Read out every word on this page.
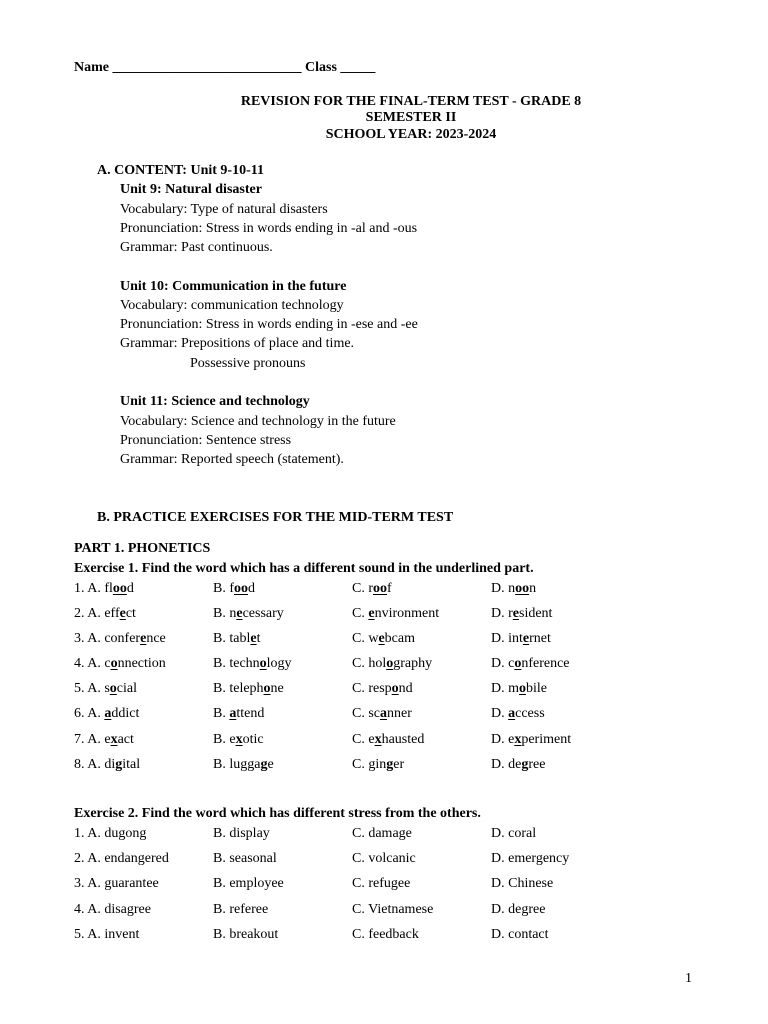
Name ___________________________ Class _____
REVISION FOR THE FINAL-TERM TEST - GRADE 8
SEMESTER II
SCHOOL YEAR: 2023-2024
A. CONTENT: Unit 9-10-11
Unit 9: Natural disaster
Vocabulary: Type of natural disasters
Pronunciation: Stress in words ending in -al and -ous
Grammar: Past continuous.
Unit 10: Communication in the future
Vocabulary: communication technology
Pronunciation: Stress in words ending in -ese and -ee
Grammar: Prepositions of place and time.
Possessive pronouns
Unit 11: Science and technology
Vocabulary: Science and technology in the future
Pronunciation: Sentence stress
Grammar: Reported speech (statement).
B. PRACTICE EXERCISES FOR THE MID-TERM TEST
PART 1. PHONETICS
Exercise 1. Find the word which has a different sound in the underlined part.
1. A. flood	B. food	C. roof	D. noon
2. A. effect	B. necessary	C. environment	D. resident
3. A. conference	B. tablet	C. webcam	D. internet
4. A. connection	B. technology	C. holography	D. conference
5. A. social	B. telephone	C. respond	D. mobile
6. A. addict	B. attend	C. scanner	D. access
7. A. exact	B. exotic	C. exhausted	D. experiment
8. A. digital	B. luggage	C. ginger	D. degree
Exercise 2. Find the word which has different stress from the others.
1. A. dugong	B. display	C. damage	D. coral
2. A. endangered	B. seasonal	C. volcanic	D. emergency
3. A. guarantee	B. employee	C. refugee	D. Chinese
4. A. disagree	B. referee	C. Vietnamese	D. degree
5. A. invent	B. breakout	C. feedback	D. contact
1
